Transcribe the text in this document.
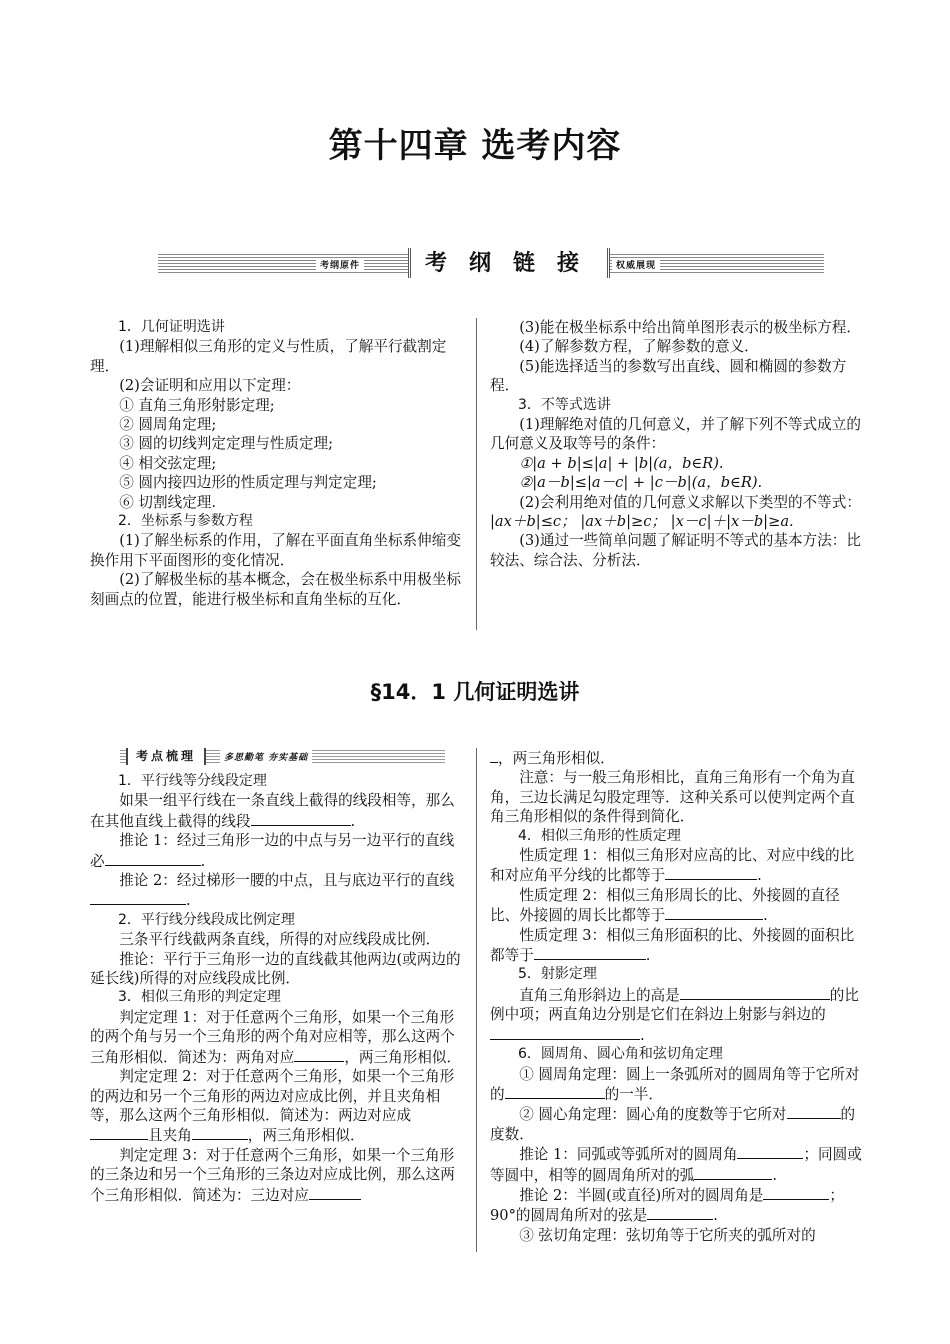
第十四章 选考内容
考纲原件	考纲链接	权威展现
1．几何证明选讲

(1)理解相似三角形的定义与性质，了解平行截割定理．

(2)会证明和应用以下定理：

① 直角三角形射影定理;

② 圆周角定理;

③ 圆的切线判定定理与性质定理;

④ 相交弦定理;

⑤ 圆内接四边形的性质定理与判定定理;

⑥ 切割线定理.

2．坐标系与参数方程

(1)了解坐标系的作用，了解在平面直角坐标系伸缩变换作用下平面图形的变化情况．

(2)了解极坐标的基本概念，会在极坐标系中用极坐标刻画点的位置，能进行极坐标和直角坐标的互化．

(3)能在极坐标系中给出简单图形表示的极坐标方程．

(4)了解参数方程，了解参数的意义．

(5)能选择适当的参数写出直线、圆和椭圆的参数方程．

3．不等式选讲

(1)理解绝对值的几何意义，并了解下列不等式成立的几何意义及取等号的条件：

①|a + b|≤|a| + |b|(a，b∈R).

②|a－b|≤|a－c| + |c－b|(a，b∈R).

(2)会利用绝对值的几何意义求解以下类型的不等式：

|ax＋b|≤c； |ax＋b|≥c； |x－c|＋|x－b|≥a.

(3)通过一些简单问题了解证明不等式的基本方法：比较法、综合法、分析法．

§14．1 几何证明选讲
考点梳理	多思勤笔 夯实基础
1．平行线等分线段定理

如果一组平行线在一条直线上截得的线段相等，那么在其他直线上截得的线段	.

推论 1：经过三角形一边的中点与另一边平行的直线必	.

推论 2：经过梯形一腰的中点，且与底边平行的直线.

2．平行线分线段成比例定理

三条平行线截两条直线，所得的对应线段成比例．

推论：平行于三角形一边的直线截其他两边(或两边的延长线)所得的对应线段成比例．

3．相似三角形的判定定理

判定定理 1：对于任意两个三角形，如果一个三角形的两个角与另一个三角形的两个角对应相等，那么这两个三角形相似．简述为：两角对应	，两三角形相似．

判定定理 2：对于任意两个三角形，如果一个三角形的两边和另一个三角形的两边对应成比例，并且夹角相等，那么这两个三角形相似．简述为：两边对应成且夹角	，两三角形相似．

判定定理 3：对于任意两个三角形，如果一个三角形的三条边和另一个三角形的三条边对应成比例，那么这两个三角形相似．简述为：三边对应

，两三角形相似．

注意：与一般三角形相比，直角三角形有一个角为直角，三边长满足勾股定理等．这种关系可以使判定两个直角三角形相似的条件得到简化．

4．相似三角形的性质定理

性质定理 1：相似三角形对应高的比、对应中线的比和对应角平分线的比都等于	.

性质定理 2：相似三角形周长的比、外接圆的直径比、外接圆的周长比都等于	.

性质定理 3：相似三角形面积的比、外接圆的面积比都等于	.

5．射影定理

直角三角形斜边上的高是	的比例中项；两直角边分别是它们在斜边上射影与斜边的.

6．圆周角、圆心角和弦切角定理

① 圆周角定理：圆上一条弧所对的圆周角等于它所对的	的一半．

② 圆心角定理：圆心角的度数等于它所对	的度数．

推论 1：同弧或等弧所对的圆周角	；同圆或等圆中，相等的圆周角所对的弧	.

推论 2：半圆(或直径)所对的圆周角是	；90°的圆周角所对的弦是	.

③ 弦切角定理：弦切角等于它所夹的弧所对的
